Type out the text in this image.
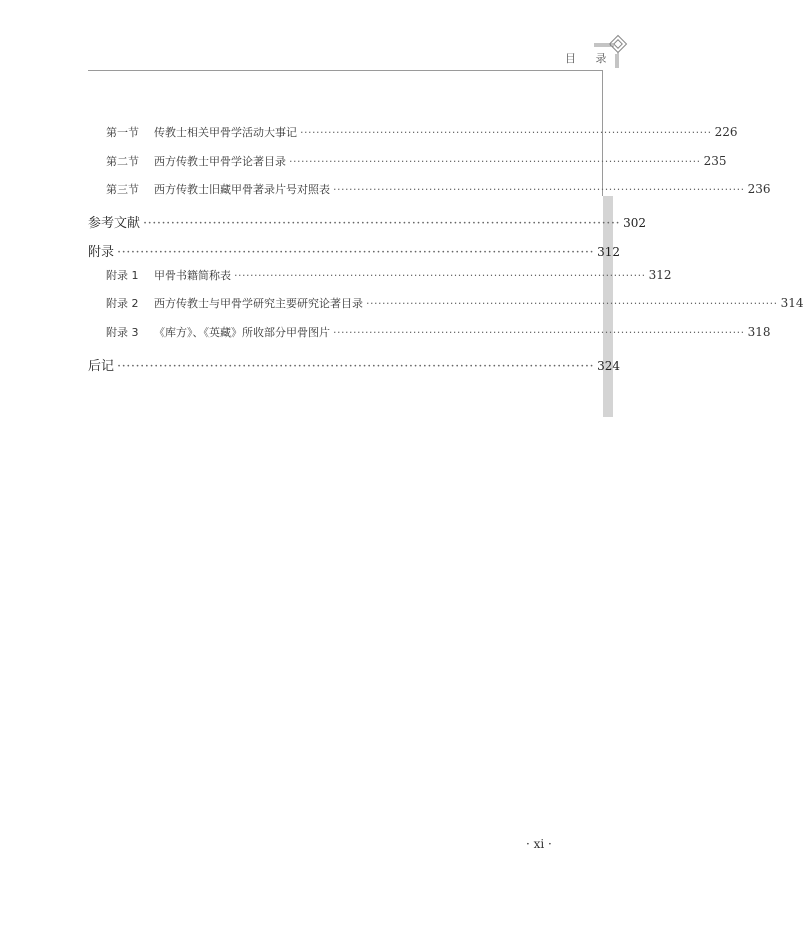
目 录
第一节 传教士相关甲骨学活动大事记 ······································································································· 226
第二节 西方传教士甲骨学论著目录 ······································································································· 235
第三节 西方传教士旧藏甲骨著录片号对照表 ······································································································· 236
参考文献 ······································································································· 302
附录 ······································································································· 312
附录 1 甲骨书籍简称表 ······································································································· 312
附录 2 西方传教士与甲骨学研究主要研究论著目录 ······································································································· 314
附录 3 《库方》、《英藏》所收部分甲骨图片 ······································································································· 318
后记 ······································································································· 324
· xi ·
